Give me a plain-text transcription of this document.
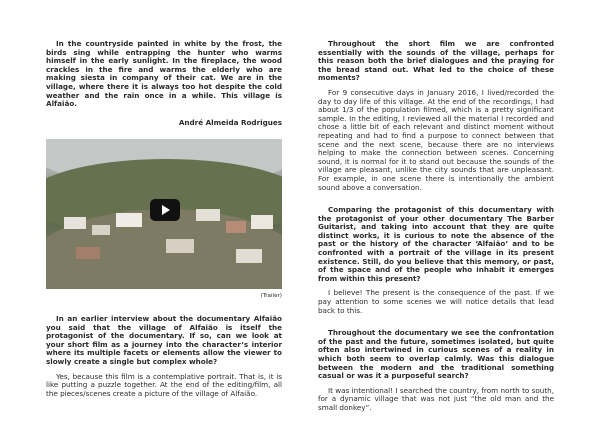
In the countryside painted in white by the frost, the birds sing while entrapping the hunter who warms himself in the early sunlight. In the fireplace, the wood crackles in the fire and warms the elderly who are making siesta in company of their cat. We are in the village, where there it is always too hot despite the cold weather and the rain once in a while. This village is Alfaião.

André Almeida Rodrigues

(Trailer)

In an earlier interview about the documentary Alfaião you said that the village of Alfaião is itself the protagonist of the documentary. If so, can we look at your short film as a journey into the character’s interior where its multiple facets or elements allow the viewer to slowly create a single but complex whole?

Yes, because this film is a contemplative portrait. That is, it is like putting a puzzle together. At the end of the editing/film, all the pieces/scenes create a picture of the village of Alfaião.

Throughout the short film we are confronted essentially with the sounds of the village, perhaps for this reason both the brief dialogues and the praying for the bread stand out. What led to the choice of these moments?

For 9 consecutive days in January 2016, I lived/recorded the day to day life of this village. At the end of the recordings, I had about 1/3 of the population filmed, which is a pretty significant sample. In the editing, I reviewed all the material I recorded and chose a little bit of each relevant and distinct moment without repeating and had to find a purpose to connect between that scene and the next scene, because there are no interviews helping to make the connection between scenes. Concerning sound, it is normal for it to stand out because the sounds of the village are pleasant, unlike the city sounds that are unpleasant. For example, in one scene there is intentionally the ambient sound above a conversation.

Comparing the protagonist of this documentary with the protagonist of your other documentary The Barber Guitarist, and taking into account that they are quite distinct works, it is curious to note the absence of the past or the history of the character ‘Alfaião’ and to be confronted with a portrait of the village in its present existence. Still, do you believe that this memory, or past, of the space and of the people who inhabit it emerges from within this present?

I believe! The present is the consequence of the past. If we pay attention to some scenes we will notice details that lead back to this.

Throughout the documentary we see the confrontation of the past and the future, sometimes isolated, but quite often also intertwined in curious scenes of a reality in which both seem to overlap calmly. Was this dialogue between the modern and the traditional something casual or was it a purposeful search?

It was intentional! I searched the country, from north to south, for a dynamic village that was not just “the old man and the small donkey”.
